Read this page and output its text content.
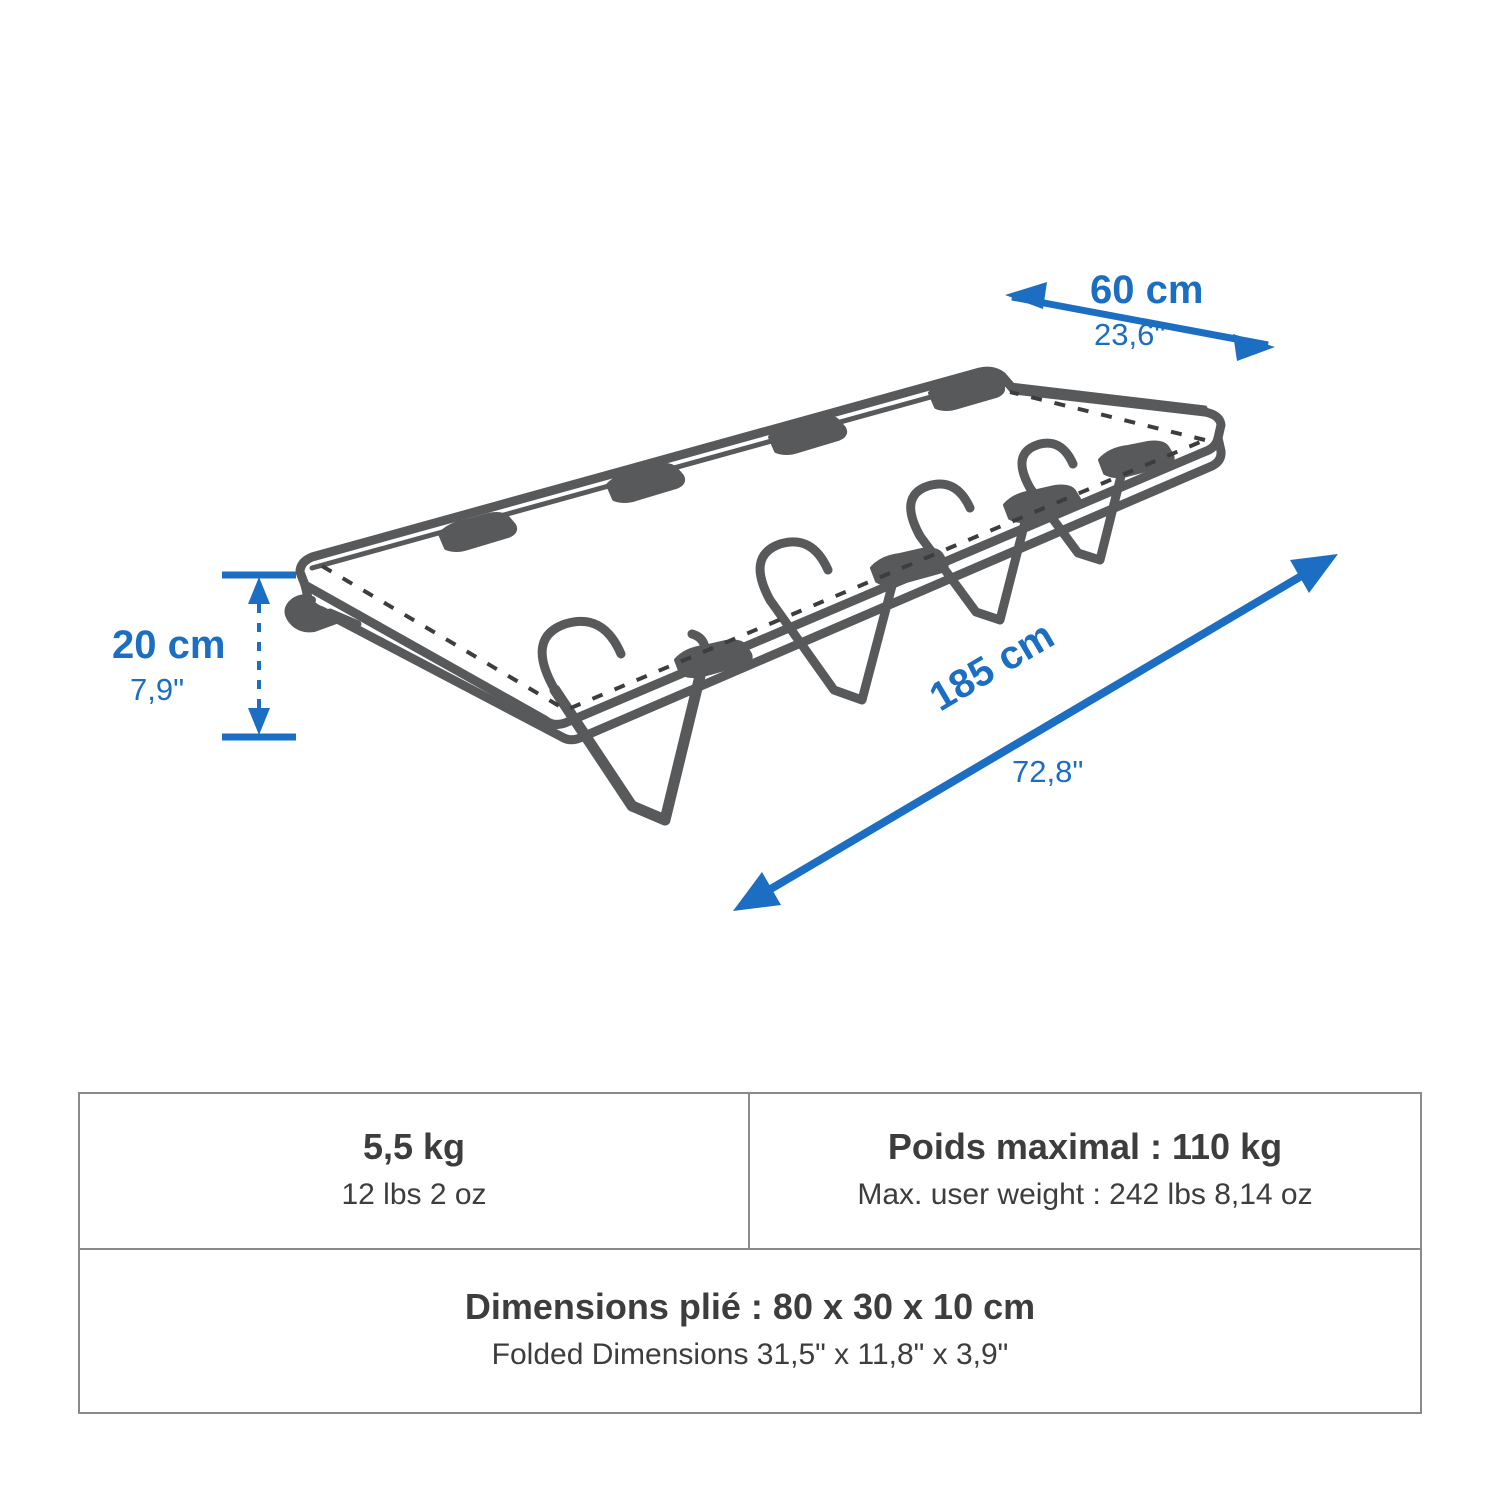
60 cm
23,6"
20 cm
7,9"	185 cm
72,8"
5,5 kg
12 lbs 2 oz
Poids maximal : 110 kg
Max. user weight : 242 lbs 8,14 oz
Dimensions plié : 80 x 30 x 10 cm
Folded Dimensions 31,5" x 11,8" x 3,9"
